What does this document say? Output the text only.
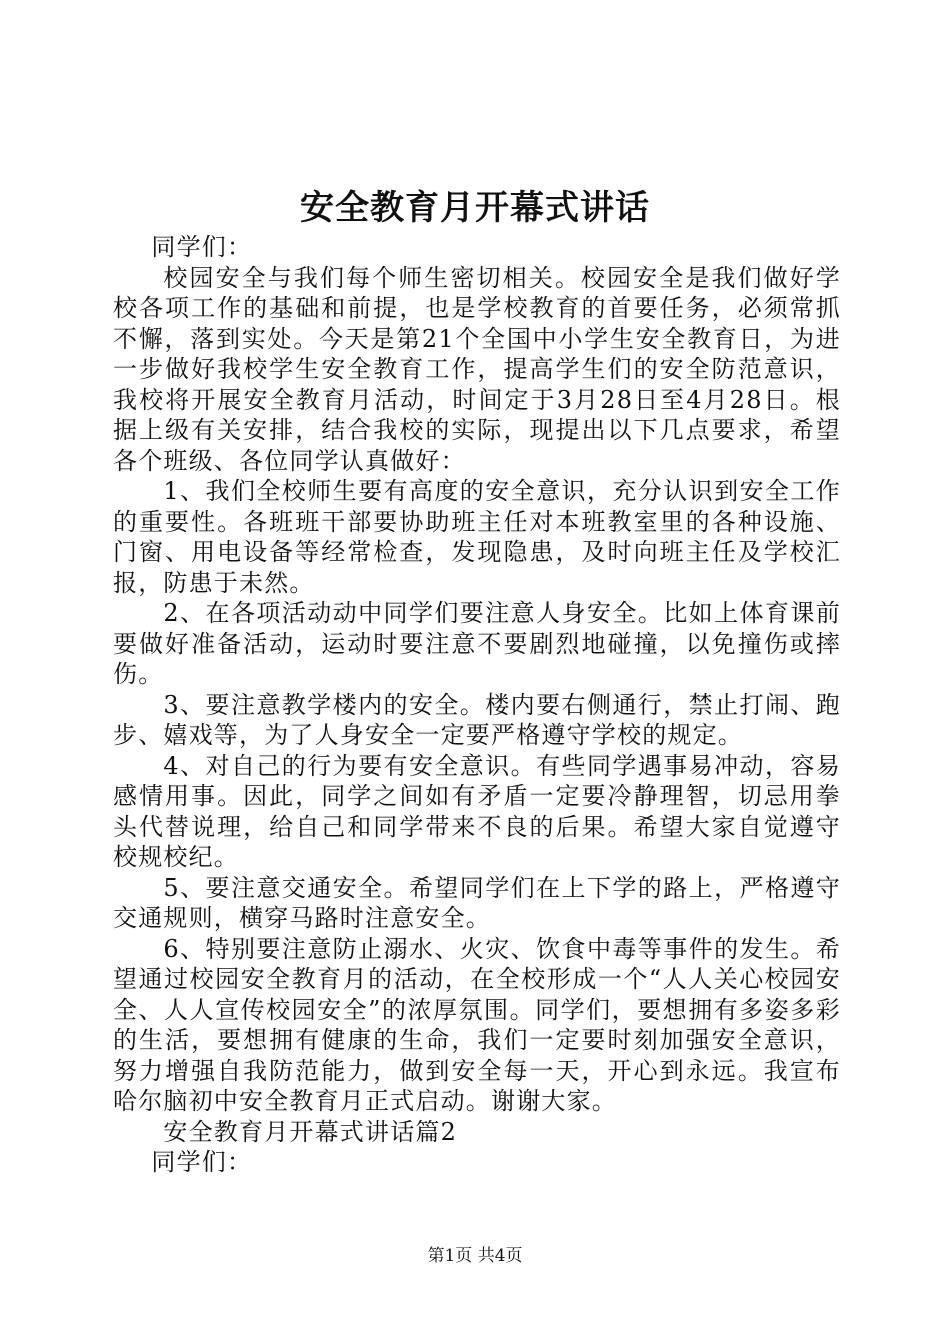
安全教育月开幕式讲话

同学们：

校园安全与我们每个师生密切相关。校园安全是我们做好学校各项工作的基础和前提，也是学校教育的首要任务，必须常抓不懈，落到实处。今天是第21个全国中小学生安全教育日，为进一步做好我校学生安全教育工作，提高学生们的安全防范意识，我校将开展安全教育月活动，时间定于3月28日至4月28日。根据上级有关安排，结合我校的实际，现提出以下几点要求，希望各个班级、各位同学认真做好：

1、我们全校师生要有高度的安全意识，充分认识到安全工作的重要性。各班班干部要协助班主任对本班教室里的各种设施、门窗、用电设备等经常检查，发现隐患，及时向班主任及学校汇报，防患于未然。

2、在各项活动动中同学们要注意人身安全。比如上体育课前要做好准备活动，运动时要注意不要剧烈地碰撞，以免撞伤或摔伤。

3、要注意教学楼内的安全。楼内要右侧通行，禁止打闹、跑步、嬉戏等，为了人身安全一定要严格遵守学校的规定。

4、对自己的行为要有安全意识。有些同学遇事易冲动，容易感情用事。因此，同学之间如有矛盾一定要冷静理智，切忌用拳头代替说理，给自己和同学带来不良的后果。希望大家自觉遵守校规校纪。

5、要注意交通安全。希望同学们在上下学的路上，严格遵守交通规则，横穿马路时注意安全。

6、特别要注意防止溺水、火灾、饮食中毒等事件的发生。希望通过校园安全教育月的活动，在全校形成一个“人人关心校园安全、人人宣传校园安全”的浓厚氛围。同学们，要想拥有多姿多彩的生活，要想拥有健康的生命，我们一定要时刻加强安全意识，努力增强自我防范能力，做到安全每一天，开心到永远。我宣布哈尔脑初中安全教育月正式启动。谢谢大家。

安全教育月开幕式讲话篇2

同学们：

第1页 共4页
